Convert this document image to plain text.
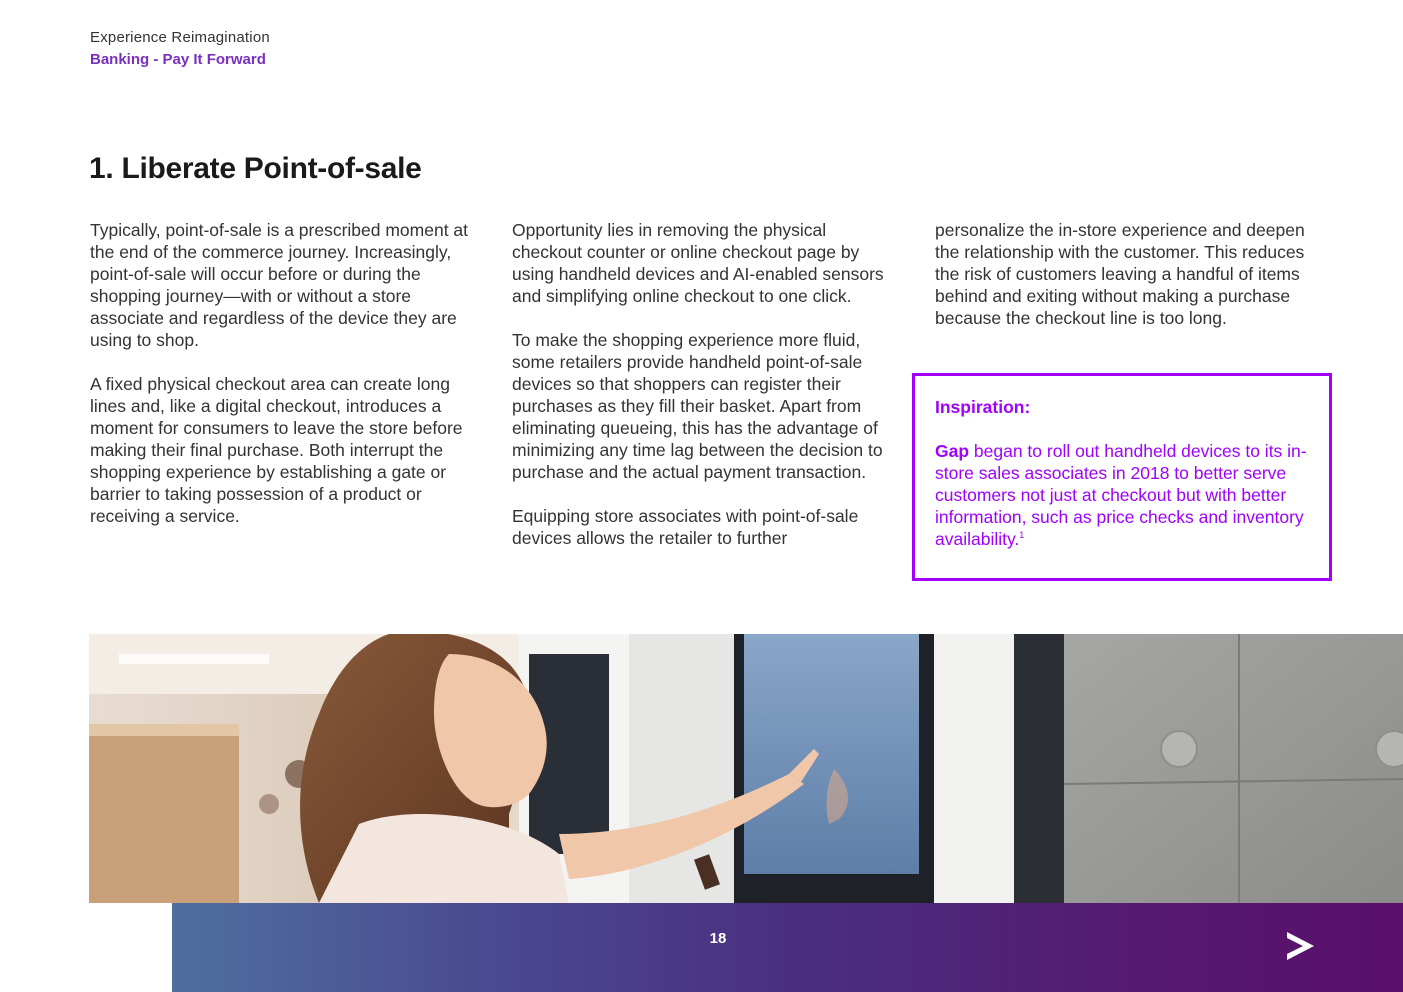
Experience Reimagination
Banking - Pay It Forward
1. Liberate Point-of-sale

Typically, point-of-sale is a prescribed moment at the end of the commerce journey. Increasingly, point-of-sale will occur before or during the shopping journey—with or without a store associate and regardless of the device they are using to shop.

A fixed physical checkout area can create long lines and, like a digital checkout, introduces a moment for consumers to leave the store before making their final purchase. Both interrupt the shopping experience by establishing a gate or barrier to taking possession of a product or receiving a service.

Opportunity lies in removing the physical checkout counter or online checkout page by using handheld devices and AI-enabled sensors and simplifying online checkout to one click.

To make the shopping experience more fluid, some retailers provide handheld point-of-sale devices so that shoppers can register their purchases as they fill their basket. Apart from eliminating queueing, this has the advantage of minimizing any time lag between the decision to purchase and the actual payment transaction.

Equipping store associates with point-of-sale devices allows the retailer to further

personalize the in-store experience and deepen the relationship with the customer. This reduces the risk of customers leaving a handful of items behind and exiting without making a purchase because the checkout line is too long.

Inspiration:
Gap began to roll out handheld devices to its in-store sales associates in 2018 to better serve customers not just at checkout but with better information, such as price checks and inventory availability.$^1$
18
